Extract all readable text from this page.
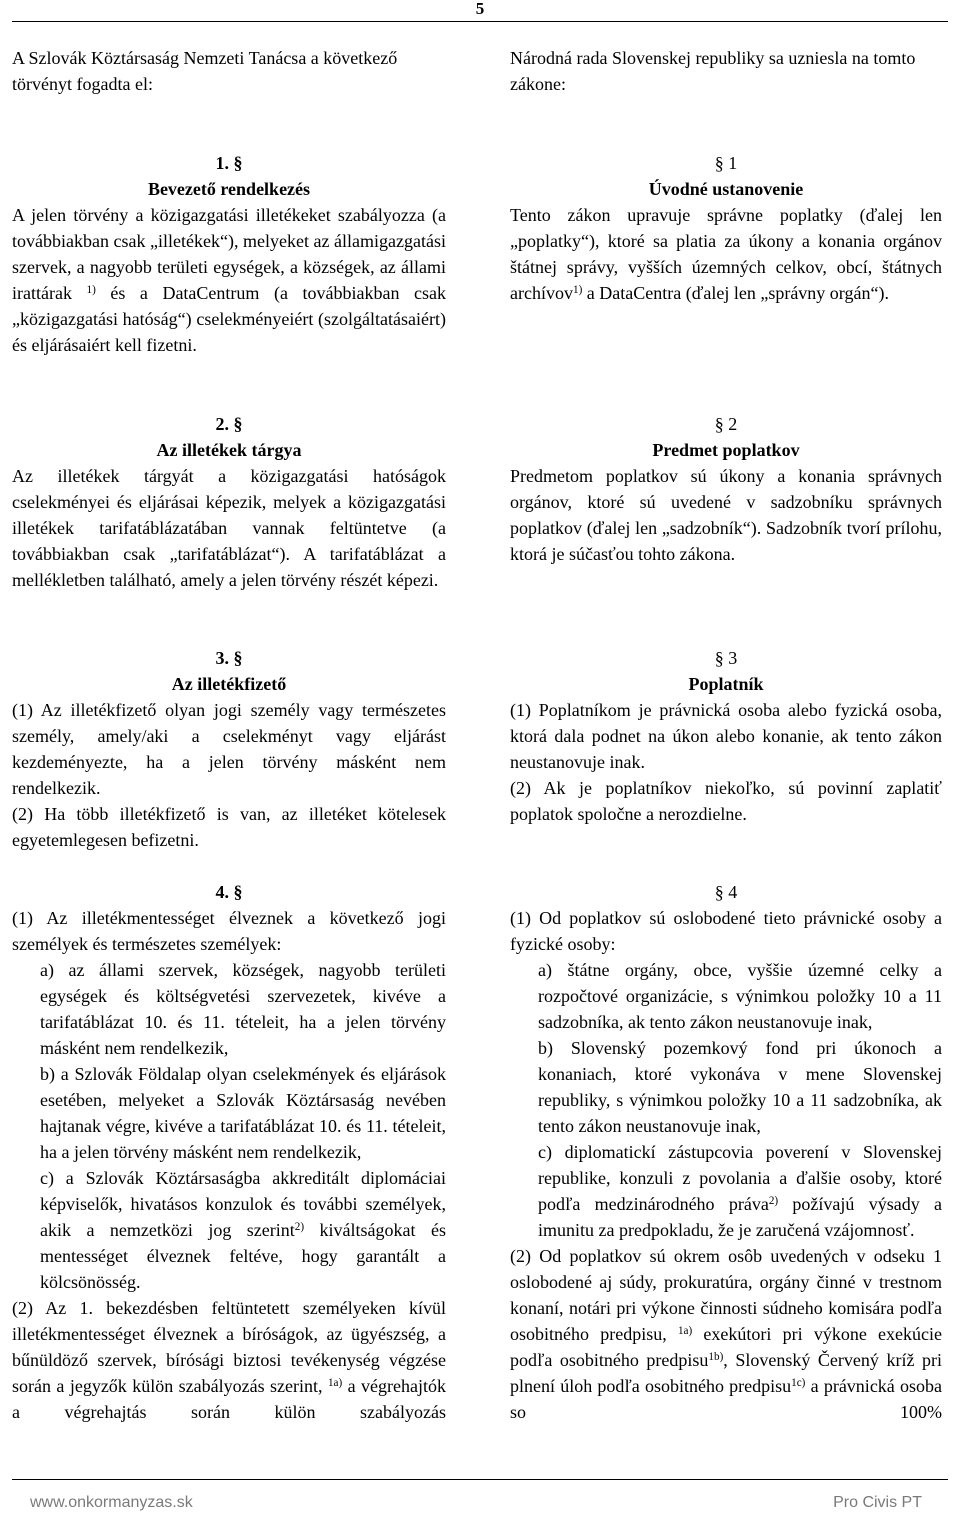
5

A Szlovák Köztársaság Nemzeti Tanácsa a következő törvényt fogadta el:

Národná rada Slovenskej republiky sa uzniesla na tomto zákone:

1. §
Bevezető rendelkezés

A jelen törvény a közigazgatási illetékeket szabályozza (a továbbiakban csak „illetékek“), melyeket az államigazgatási szervek, a nagyobb területi egységek, a községek, az állami irattárak $^{1)}$ és a DataCentrum (a továbbiakban csak „közigazgatási hatóság“) cselekményeiért (szolgáltatásaiért) és eljárásaiért kell fizetni.

§ 1
Úvodné ustanovenie

Tento zákon upravuje správne poplatky (ďalej len „poplatky“), ktoré sa platia za úkony a konania orgánov štátnej správy, vyšších územných celkov, obcí, štátnych archívov$^{1)}$ a DataCentra (ďalej len „správny orgán“).

2. §
Az illetékek tárgya

Az illetékek tárgyát a közigazgatási hatóságok cselekményei és eljárásai képezik, melyek a közigazgatási illetékek tarifatáblázatában vannak feltüntetve (a továbbiakban csak „tarifatáblázat“). A tarifatáblázat a mellékletben található, amely a jelen törvény részét képezi.

§ 2
Predmet poplatkov

Predmetom poplatkov sú úkony a konania správnych orgánov, ktoré sú uvedené v sadzobníku správnych poplatkov (ďalej len „sadzobník“). Sadzobník tvorí prílohu, ktorá je súčasťou tohto zákona.

3. §
Az illetékfizető

(1) Az illetékfizető olyan jogi személy vagy természetes személy, amely/aki a cselekményt vagy eljárást kezdeményezte, ha a jelen törvény másként nem rendelkezik.

(2) Ha több illetékfizető is van, az illetéket kötelesek egyetemlegesen befizetni.

§ 3
Poplatník

(1) Poplatníkom je právnická osoba alebo fyzická osoba, ktorá dala podnet na úkon alebo konanie, ak tento zákon neustanovuje inak.

(2) Ak je poplatníkov niekoľko, sú povinní zaplatiť poplatok spoločne a nerozdielne.

4. §

(1) Az illetékmentességet élveznek a következő jogi személyek és természetes személyek:

a) az állami szervek, községek, nagyobb területi egységek és költségvetési szervezetek, kivéve a tarifatáblázat 10. és 11. tételeit, ha a jelen törvény másként nem rendelkezik,

b) a Szlovák Földalap olyan cselekmények és eljárások esetében, melyeket a Szlovák Köztársaság nevében hajtanak végre, kivéve a tarifatáblázat 10. és 11. tételeit, ha a jelen törvény másként nem rendelkezik,

c) a Szlovák Köztársaságba akkreditált diplomáciai képviselők, hivatásos konzulok és további személyek, akik a nemzetközi jog szerint$^{2)}$ kiváltságokat és mentességet élveznek feltéve, hogy garantált a kölcsönösség.

(2) Az 1. bekezdésben feltüntetett személyeken kívül illetékmentességet élveznek a bíróságok, az ügyészség, a bűnüldöző szervek, bírósági biztosi tevékenység végzése során a jegyzők külön szabályozás szerint, $^{1a)}$ a végrehajtók a végrehajtás során külön szabályozás

§ 4

(1) Od poplatkov sú oslobodené tieto právnické osoby a fyzické osoby:

a) štátne orgány, obce, vyššie územné celky a rozpočtové organizácie, s výnimkou položky 10 a 11 sadzobníka, ak tento zákon neustanovuje inak,

b) Slovenský pozemkový fond pri úkonoch a konaniach, ktoré vykonáva v mene Slovenskej republiky, s výnimkou položky 10 a 11 sadzobníka, ak tento zákon neustanovuje inak,

c) diplomatickí zástupcovia poverení v Slovenskej republike, konzuli z povolania a ďalšie osoby, ktoré podľa medzinárodného práva$^{2)}$ požívajú výsady a imunitu za predpokladu, že je zaručená vzájomnosť.

(2) Od poplatkov sú okrem osôb uvedených v odseku 1 oslobodené aj súdy, prokuratúra, orgány činné v trestnom konaní, notári pri výkone činnosti súdneho komisára podľa osobitného predpisu, $^{1a)}$ exekútori pri výkone exekúcie podľa osobitného predpisu$^{1b)}$, Slovenský Červený kríž pri plnení úloh podľa osobitného predpisu$^{1c)}$ a právnická osoba so 100%

www.onkormanyzas.sk	Pro Civis PT
